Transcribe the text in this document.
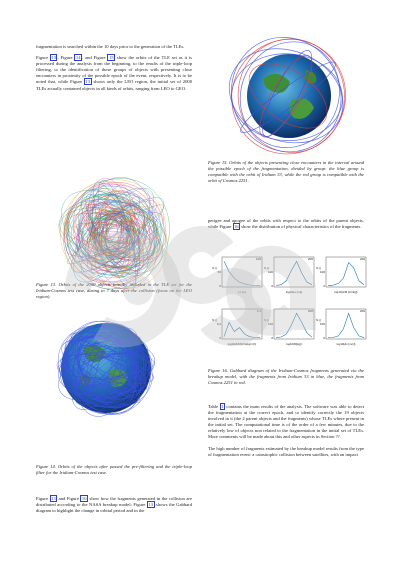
fragmentation is searched within the 10 days prior to the generation of the TLEs.

Figure 13 , Figure 14 , and Figure 15 show the orbits of the TLE set as it is processed during the analysis from the beginning, to the results of the triple-loop filtering, to the identification of those groups of objects with presenting close encounters in proximity of the possible epoch of the event, respectively. It is to be noted that, while Figure 13 shows only the LEO region, the initial set of 2000 TLEs actually contained objects in all kinds of orbits, ranging from LEO to GEO.

Figure 13. Orbits of the 2000 objects initially included in the TLE set for the Iridium-Cosmos test case, during to 7 days after the collision (focus on the LEO region).
Figure 14. Orbits of the objects after passed the pre-filtering and the triple-loop filter for the Iridium-Cosmos test case.

Figure 13 and Figure 16 show how the fragments generated in the collision are distributed according to the NASA breakup model: Figure 13 shows the Gabbard diagram to highlight the change in orbital period and in the

Figure 15. Orbits of the objects presenting close encounters in the interval around the possible epoch of the fragmentation, divided by group: the blue group is compatible with the orbit of Iridium 33, while the red group is compatible with the orbit of Cosmos 2251.

perigee and apogee of the orbits with respect to the orbits of the parent objects, while Figure 16 show the distribution of physical characteristics of the fragments.

100
50
0
Lc [m]
N [-]
200
100
0
log10(Lc [m])
N [-]
200
100
0
log10(A/M [m²/kg])
N [-]
0.4
0.2
0
log10(A/M)(rho(kg/m³))
N [-]
200
100
0
log10(M[kg])
N [-]
200
100
0
log10(Δv [m/s])
N [-]
Figure 16. Gabbard diagram of the Iridium-Cosmos fragments generated via the breakup model, with the fragments from Iridium 33 in blue, the fragments from Cosmos 2251 in red.

Table 1 contains the main results of the analysis. The software was able to detect the fragmentation at the correct epoch, and to identify correctly the 19 objects involved in it (the 2 parent objects and the fragments) whose TLEs where present in the initial set. The computational time is of the order of a few minutes, due to the relatively low of objects non related to the fragmentation in the initial set of TLEs. More comments will be made about this and other aspects in Section ??.

The high number of fragments estimated by the breakup model results from the type of fragmentation event: a catastrophic collision between satellites, with an impact
